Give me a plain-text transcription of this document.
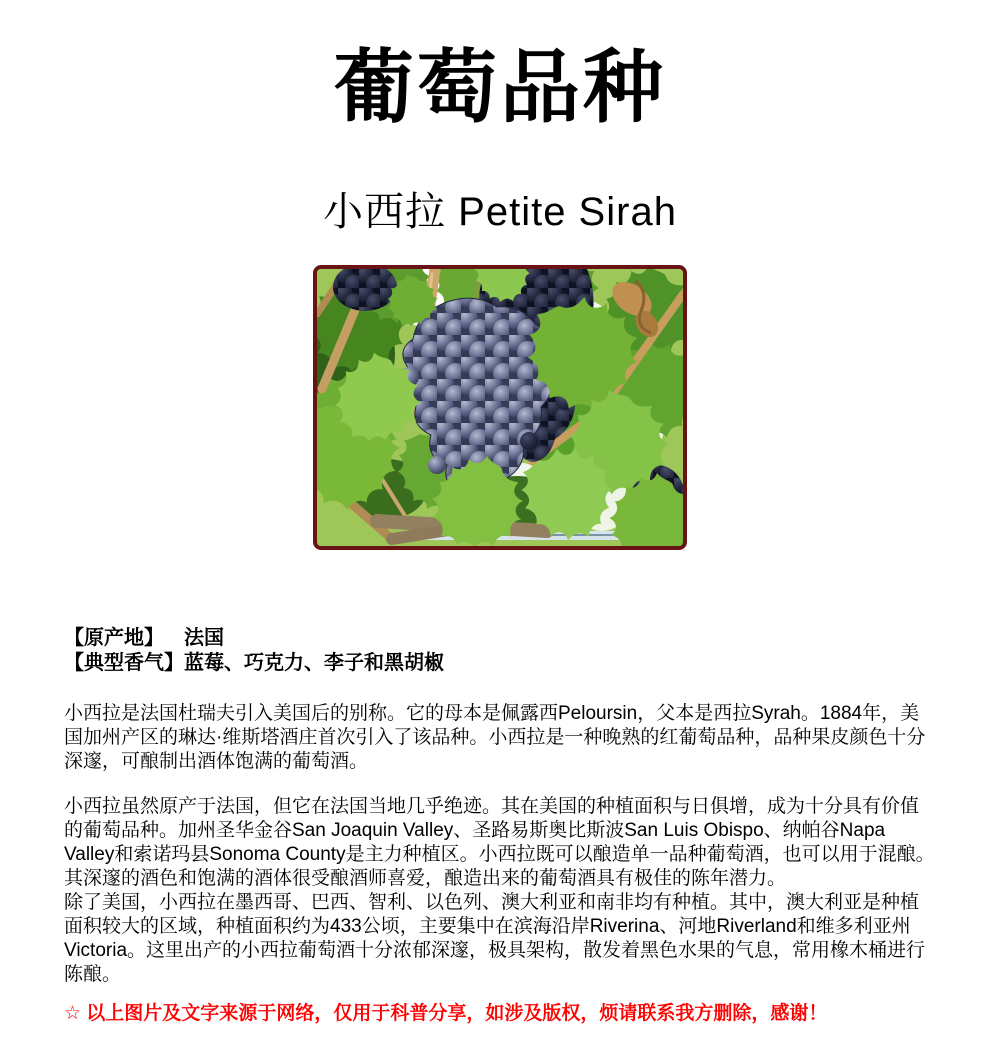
葡萄品种
小西拉 Petite Sirah
【原产地】 法国
【典型香气】蓝莓、巧克力、李子和黑胡椒

小西拉是法国杜瑞夫引入美国后的别称。它的母本是佩露西Peloursin，父本是西拉Syrah。1884年，美国加州产区的琳达·维斯塔酒庄首次引入了该品种。小西拉是一种晚熟的红葡萄品种，品种果皮颜色十分深邃，可酿制出酒体饱满的葡萄酒。

小西拉虽然原产于法国，但它在法国当地几乎绝迹。其在美国的种植面积与日俱增，成为十分具有价值的葡萄品种。加州圣华金谷San Joaquin Valley、圣路易斯奥比斯波San Luis Obispo、纳帕谷Napa Valley和索诺玛县Sonoma County是主力种植区。小西拉既可以酿造单一品种葡萄酒，也可以用于混酿。其深邃的酒色和饱满的酒体很受酿酒师喜爱，酿造出来的葡萄酒具有极佳的陈年潜力。

除了美国，小西拉在墨西哥、巴西、智利、以色列、澳大利亚和南非均有种植。其中，澳大利亚是种植面积较大的区域，种植面积约为433公顷，主要集中在滨海沿岸Riverina、河地Riverland和维多利亚州Victoria。这里出产的小西拉葡萄酒十分浓郁深邃，极具架构，散发着黑色水果的气息，常用橡木桶进行陈酿。

☆ 以上图片及文字来源于网络，仅用于科普分享，如涉及版权，烦请联系我方删除，感谢！
